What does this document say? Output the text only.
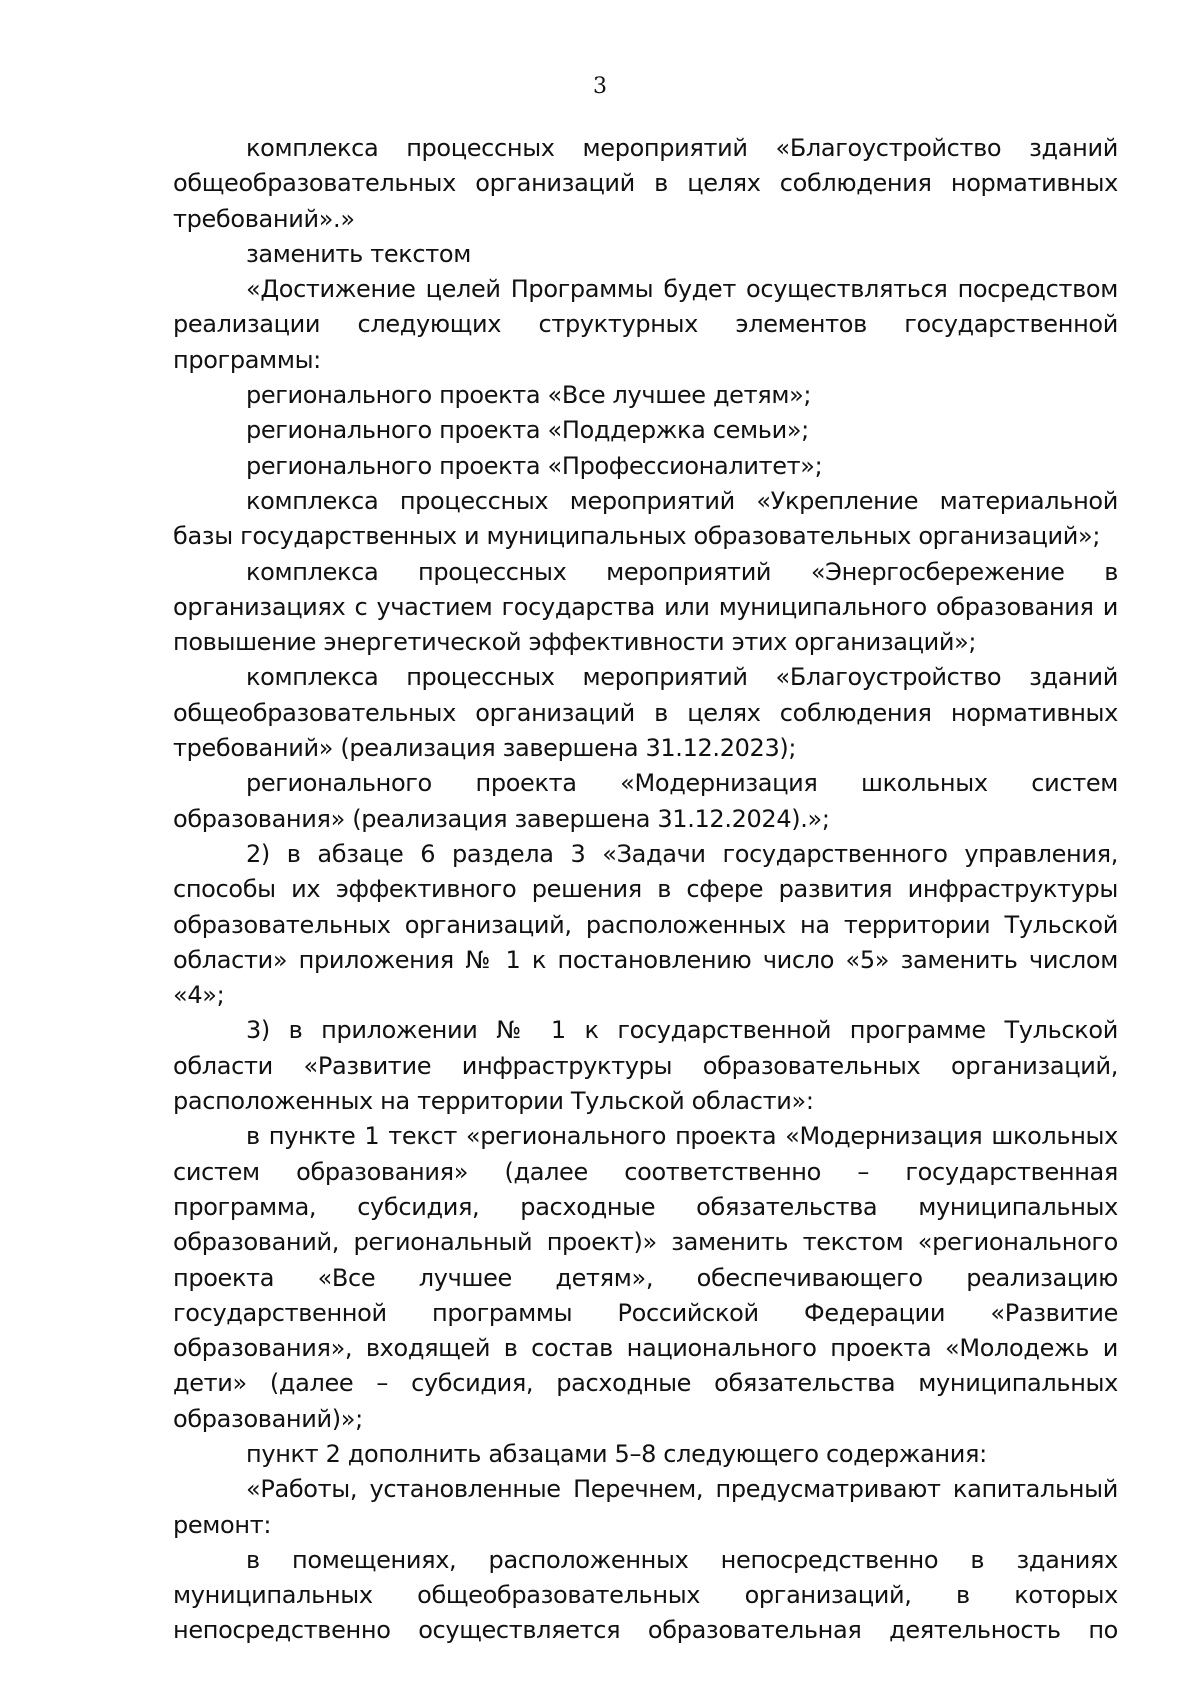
3

комплекса процессных мероприятий «Благоустройство зданий общеобразовательных организаций в целях соблюдения нормативных требований».»

заменить текстом

«Достижение целей Программы будет осуществляться посредством реализации следующих структурных элементов государственной программы:

регионального проекта «Все лучшее детям»;

регионального проекта «Поддержка семьи»;

регионального проекта «Профессионалитет»;

комплекса процессных мероприятий «Укрепление материальной базы государственных и муниципальных образовательных организаций»;

комплекса процессных мероприятий «Энергосбережение в организациях с участием государства или муниципального образования и повышение энергетической эффективности этих организаций»;

комплекса процессных мероприятий «Благоустройство зданий общеобразовательных организаций в целях соблюдения нормативных требований» (реализация завершена 31.12.2023);

регионального проекта «Модернизация школьных систем образования» (реализация завершена 31.12.2024).»;

2) в абзаце 6 раздела 3 «Задачи государственного управления, способы их эффективного решения в сфере развития инфраструктуры образовательных организаций, расположенных на территории Тульской области» приложения № 1 к постановлению число «5» заменить числом «4»;

3) в приложении № 1 к государственной программе Тульской области «Развитие инфраструктуры образовательных организаций, расположенных на территории Тульской области»:

в пункте 1 текст «регионального проекта «Модернизация школьных систем образования» (далее соответственно – государственная программа, субсидия, расходные обязательства муниципальных образований, региональный проект)» заменить текстом «регионального проекта «Все лучшее детям», обеспечивающего реализацию государственной программы Российской Федерации «Развитие образования», входящей в состав национального проекта «Молодежь и дети» (далее – субсидия, расходные обязательства муниципальных образований)»;

пункт 2 дополнить абзацами 5–8 следующего содержания:

«Работы, установленные Перечнем, предусматривают капитальный ремонт:

в помещениях, расположенных непосредственно в зданиях муниципальных общеобразовательных организаций, в которых непосредственно осуществляется образовательная деятельность по
